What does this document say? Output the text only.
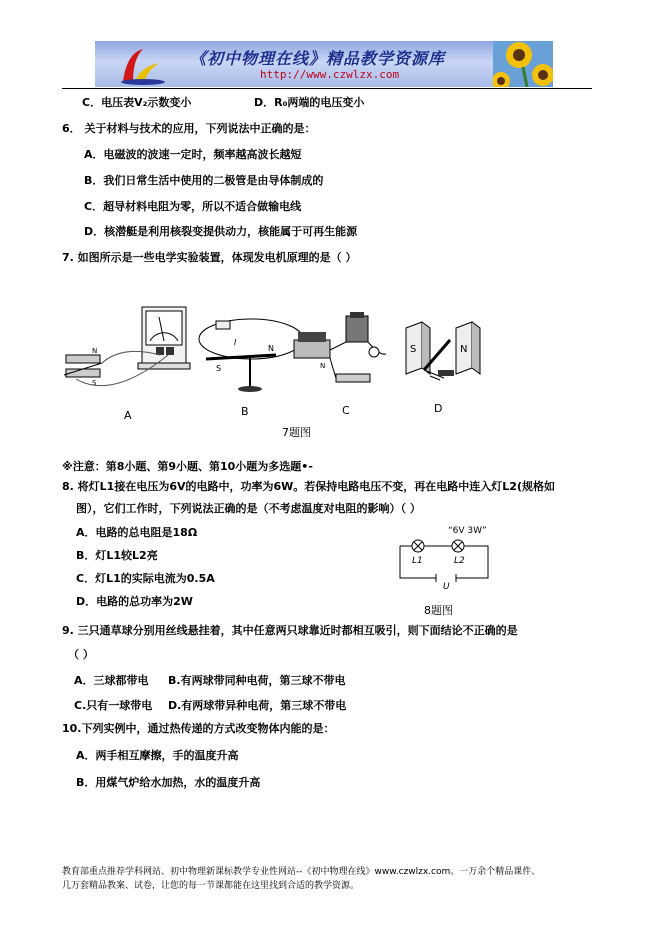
《初中物理在线》精品教学资源库
http://www.czwlzx.com
C．电压表V₂示数变小	D．R₀两端的电压变小
6． 关于材料与技术的应用，下列说法中正确的是：
A．电磁波的波速一定时，频率越高波长越短
B．我们日常生活中使用的二极管是由导体制成的
C．超导材料电阻为零，所以不适合做输电线
D．核潜艇是利用核裂变提供动力，核能属于可再生能源
7. 如图所示是一些电学实验装置，体现发电机原理的是（ ）
N
S
S
N
I
N
S	N
A	B	C	D
7题图
※注意：第8小题、第9小题、第10小题为多选题•-
8. 将灯L1接在电压为6V的电路中，功率为6W。若保持电路电压不变，再在电路中连入灯L2(规格如
图），它们工作时，下列说法正确的是（不考虑温度对电阻的影响）（ ）
A．电路的总电阻是18Ω
B．灯L1较L2亮
C．灯L1的实际电流为0.5A
D．电路的总功率为2W
“6V 3W”
L1	L2
U
8题图
9. 三只通草球分别用丝线悬挂着，其中任意两只球靠近时都相互吸引，则下面结论不正确的是
（ ）
A．三球都带电 B.有两球带同种电荷，第三球不带电
C.只有一球带电 D.有两球带异种电荷，第三球不带电
10.下列实例中，通过热传递的方式改变物体内能的是：
A．两手相互摩擦，手的温度升高
B．用煤气炉给水加热，水的温度升高
教育部重点推荐学科网站、初中物理新课标教学专业性网站--《初中物理在线》www.czwlzx.com。一万余个精品课件、
几万套精品教案、试卷，让您的每一节课都能在这里找到合适的教学资源。
